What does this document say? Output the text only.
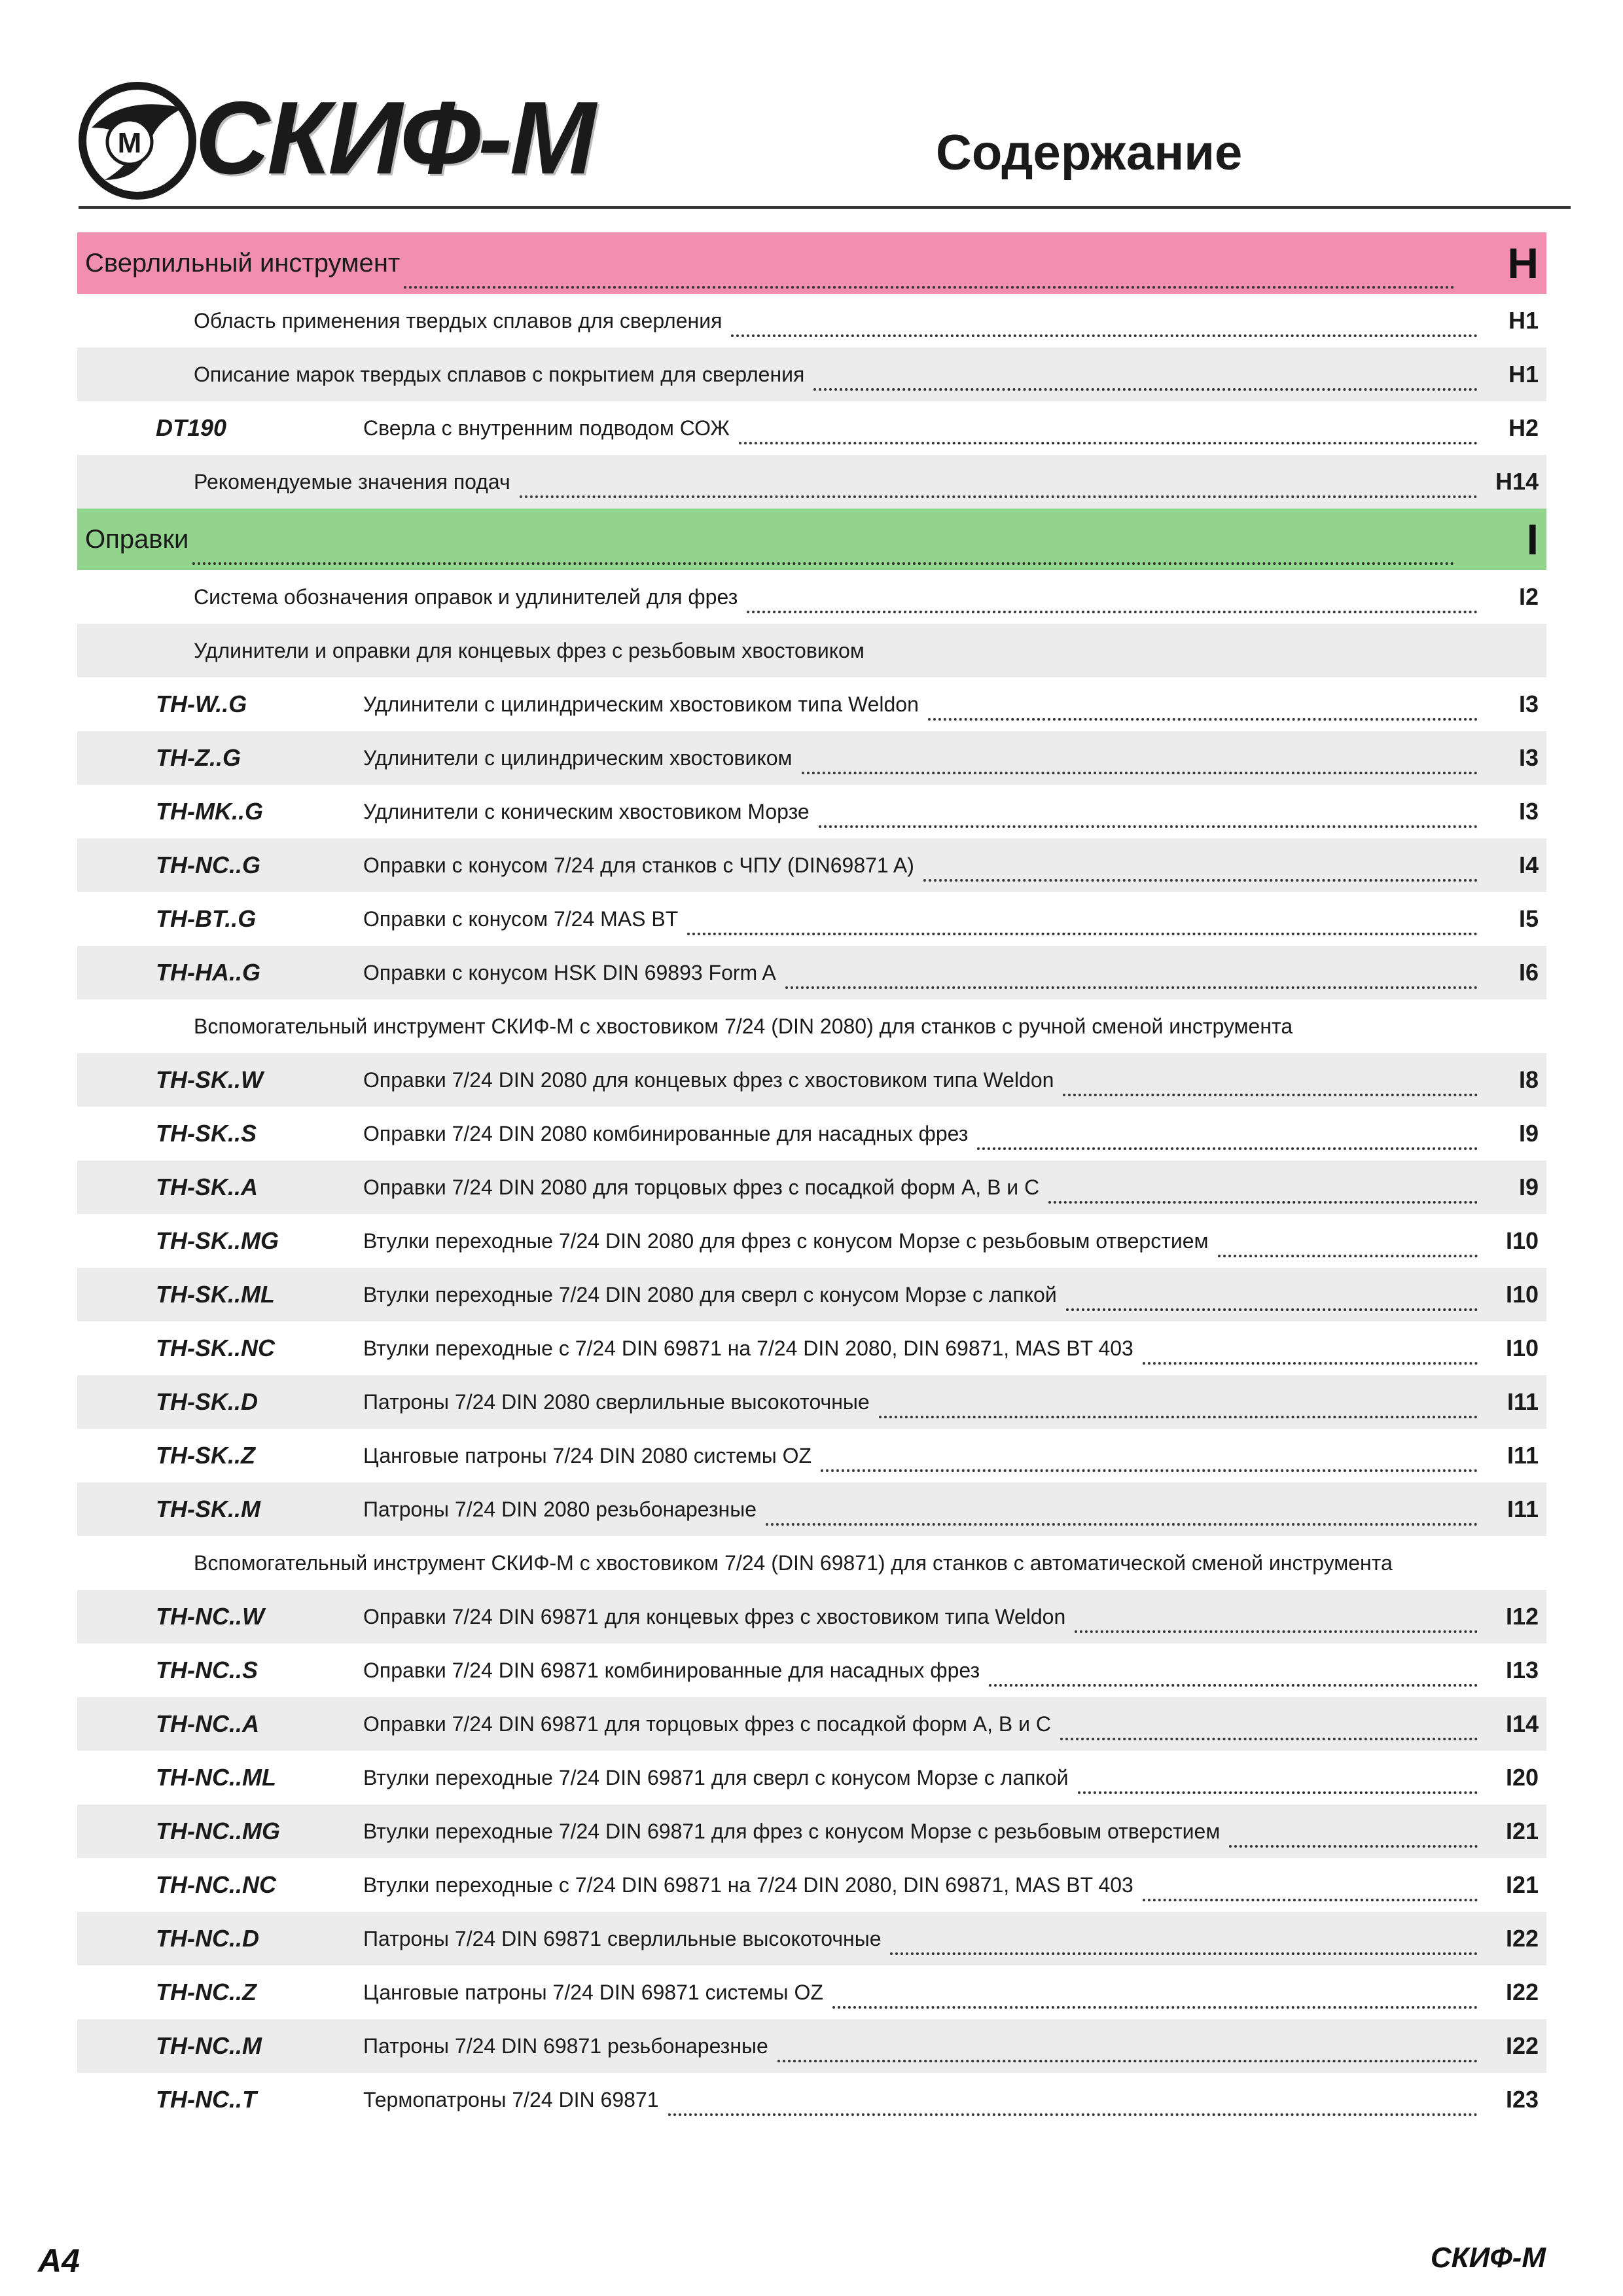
M СКИФ-М	Содержание
Сверлильный инструмент	H
Область применения твердых сплавов для сверления	H1
Описание марок твердых сплавов с покрытием для сверления	H1
DT190	Сверла с внутренним подводом СОЖ	H2
Рекомендуемые значения подач	H14
Оправки	I
Система обозначения оправок и удлинителей для фрез	I2
Удлинители и оправки для концевых фрез с резьбовым хвостовиком
TH-W..G	Удлинители с цилиндрическим хвостовиком типа Weldon	I3
TH-Z..G	Удлинители с цилиндрическим хвостовиком	I3
TH-MK..G	Удлинители с коническим хвостовиком Морзе	I3
TH-NC..G	Оправки с конусом 7/24 для станков с ЧПУ (DIN69871 A)	I4
TH-BT..G	Оправки с конусом 7/24 MAS BT	I5
TH-HA..G	Оправки с конусом HSK DIN 69893 Form A	I6
Вспомогательный инструмент СКИФ-М с хвостовиком 7/24 (DIN 2080) для станков с ручной сменой инструмента
TH-SK..W	Оправки 7/24 DIN 2080 для концевых фрез с хвостовиком типа Weldon	I8
TH-SK..S	Оправки 7/24 DIN 2080 комбинированные для насадных фрез	I9
TH-SK..A	Оправки 7/24 DIN 2080 для торцовых фрез с посадкой форм А, В и С	I9
TH-SK..MG	Втулки переходные 7/24 DIN 2080 для фрез с конусом Морзе с резьбовым отверстием	I10
TH-SK..ML	Втулки переходные 7/24 DIN 2080 для сверл с конусом Морзе с лапкой	I10
TH-SK..NC	Втулки переходные с 7/24 DIN 69871 на 7/24 DIN 2080, DIN 69871, MAS BT 403	I10
TH-SK..D	Патроны 7/24 DIN 2080 сверлильные высокоточные	I11
TH-SK..Z	Цанговые патроны 7/24 DIN 2080 системы OZ	I11
TH-SK..M	Патроны 7/24 DIN 2080 резьбонарезные	I11
Вспомогательный инструмент СКИФ-М с хвостовиком 7/24 (DIN 69871) для станков с автоматической сменой инструмента
TH-NC..W	Оправки 7/24 DIN 69871 для концевых фрез с хвостовиком типа Weldon	I12
TH-NC..S	Оправки 7/24 DIN 69871 комбинированные для насадных фрез	I13
TH-NC..A	Оправки 7/24 DIN 69871 для торцовых фрез с посадкой форм А, В и С	I14
TH-NC..ML	Втулки переходные 7/24 DIN 69871 для сверл с конусом Морзе с лапкой	I20
TH-NC..MG	Втулки переходные 7/24 DIN 69871 для фрез с конусом Морзе с резьбовым отверстием	I21
TH-NC..NC	Втулки переходные с 7/24 DIN 69871 на 7/24 DIN 2080, DIN 69871, MAS BT 403	I21
TH-NC..D	Патроны 7/24 DIN 69871 сверлильные высокоточные	I22
TH-NC..Z	Цанговые патроны 7/24 DIN 69871 системы OZ	I22
TH-NC..M	Патроны 7/24 DIN 69871 резьбонарезные	I22
TH-NC..T	Термопатроны 7/24 DIN 69871	I23
A4	СКИФ-М
